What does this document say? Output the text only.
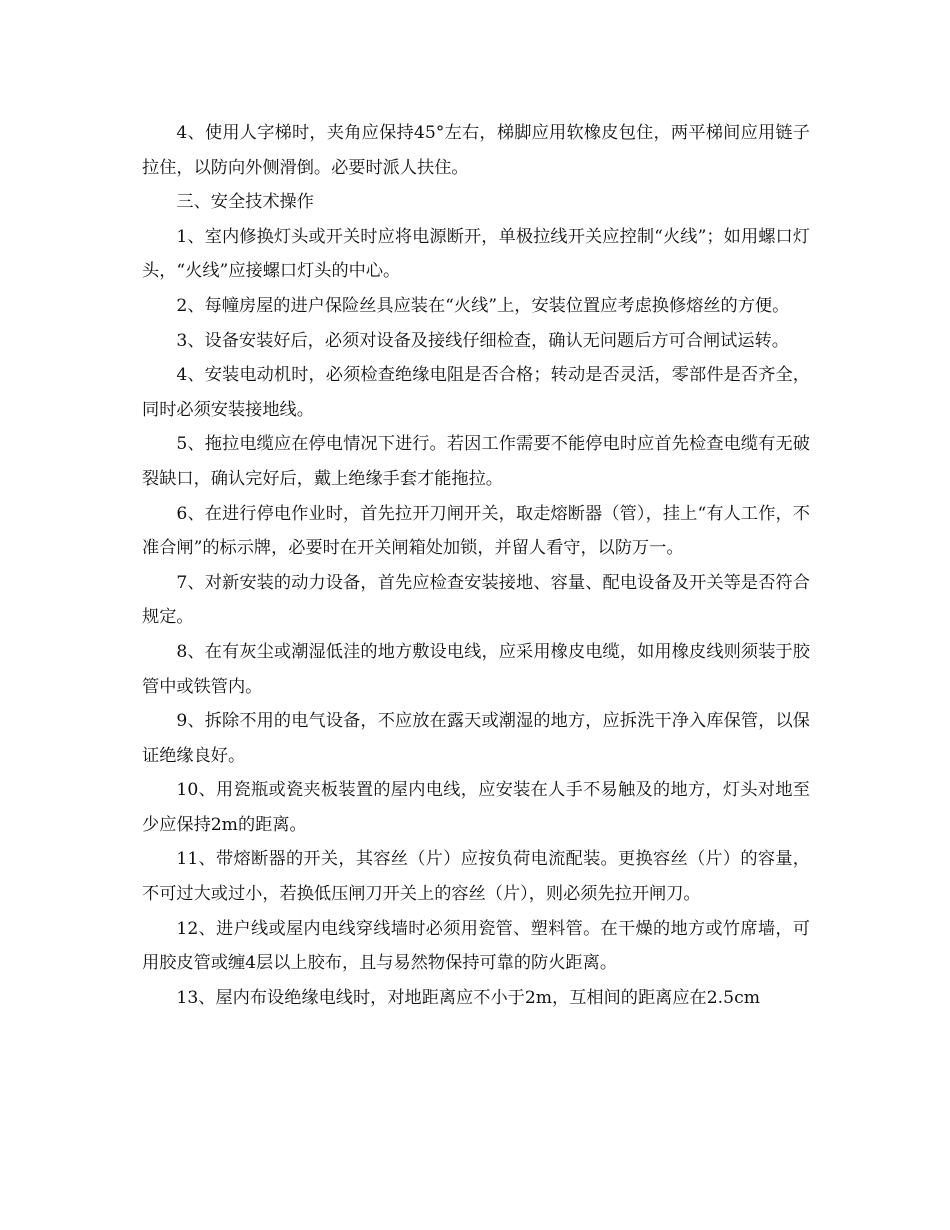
4、使用人字梯时，夹角应保持45°左右，梯脚应用软橡皮包住，两平梯间应用链子拉住，以防向外侧滑倒。必要时派人扶住。

三、安全技术操作

1、室内修换灯头或开关时应将电源断开，单极拉线开关应控制“火线”；如用螺口灯头，“火线”应接螺口灯头的中心。

2、每幢房屋的进户保险丝具应装在“火线”上，安装位置应考虑换修熔丝的方便。

3、设备安装好后，必须对设备及接线仔细检查，确认无问题后方可合闸试运转。

4、安装电动机时，必须检查绝缘电阻是否合格；转动是否灵活，零部件是否齐全，同时必须安装接地线。

5、拖拉电缆应在停电情况下进行。若因工作需要不能停电时应首先检查电缆有无破裂缺口，确认完好后，戴上绝缘手套才能拖拉。

6、在进行停电作业时，首先拉开刀闸开关，取走熔断器（管），挂上“有人工作，不准合闸”的标示牌，必要时在开关闸箱处加锁，并留人看守，以防万一。

7、对新安装的动力设备，首先应检查安装接地、容量、配电设备及开关等是否符合规定。

8、在有灰尘或潮湿低洼的地方敷设电线，应采用橡皮电缆，如用橡皮线则须装于胶管中或铁管内。

9、拆除不用的电气设备，不应放在露天或潮湿的地方，应拆洗干净入库保管，以保证绝缘良好。

10、用瓷瓶或瓷夹板装置的屋内电线，应安装在人手不易触及的地方，灯头对地至少应保持2m的距离。

11、带熔断器的开关，其容丝（片）应按负荷电流配装。更换容丝（片）的容量，不可过大或过小，若换低压闸刀开关上的容丝（片），则必须先拉开闸刀。

12、进户线或屋内电线穿线墙时必须用瓷管、塑料管。在干燥的地方或竹席墙，可用胶皮管或缠4层以上胶布，且与易然物保持可靠的防火距离。

13、屋内布设绝缘电线时，对地距离应不小于2m，互相间的距离应在2.5cm
